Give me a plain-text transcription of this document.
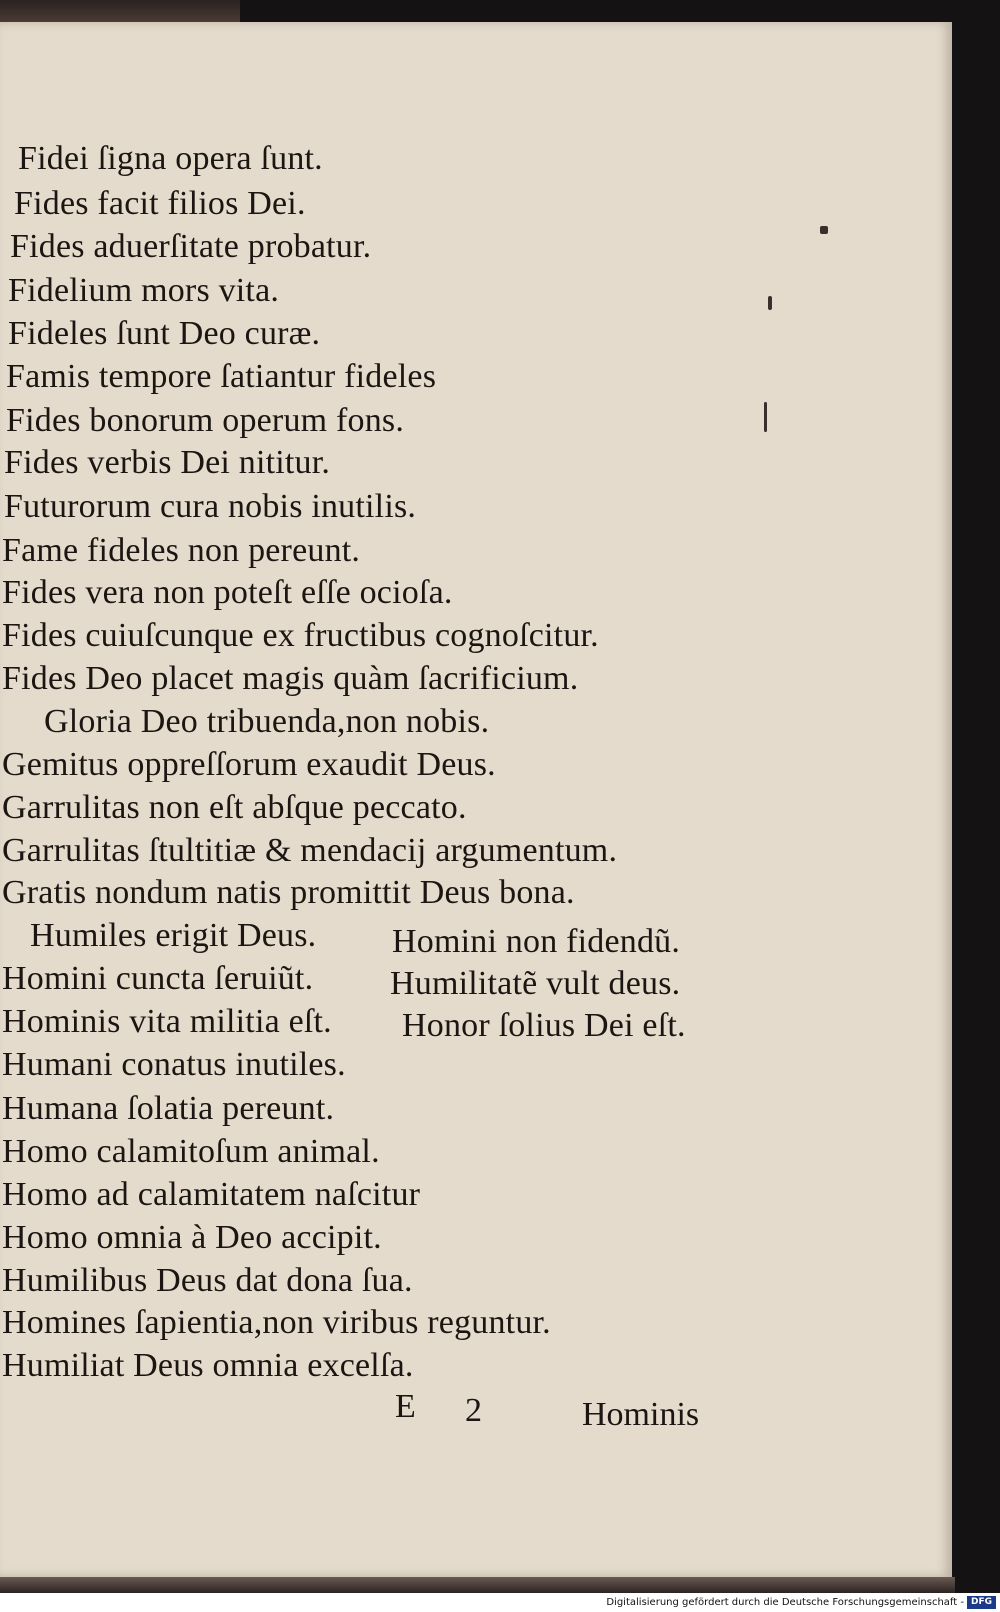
Fidei ſigna opera ſunt.
Fides facit filios Dei.
Fides aduerſitate probatur.
Fidelium mors vita.
Fideles ſunt Deo curæ.
Famis tempore ſatiantur fideles
Fides bonorum operum fons.
Fides verbis Dei nititur.
Futurorum cura nobis inutilis.
Fame fideles non pereunt.
Fides vera non poteſt eſſe ocioſa.
Fides cuiuſcunque ex fructibus cognoſcitur.
Fides Deo placet magis quàm ſacrificium.
Gloria Deo tribuenda,non nobis.
Gemitus oppreſſorum exaudit Deus.
Garrulitas non eſt abſque peccato.
Garrulitas ſtultitiæ & mendacij argumentum.
Gratis nondum natis promittit Deus bona.
Humiles erigit Deus. Homini non fidendũ.
Homini cuncta ſeruiũt. Humilitatẽ vult deus.
Hominis vita militia eſt. Honor ſolius Dei eſt.
Humani conatus inutiles.
Humana ſolatia pereunt.
Homo calamitoſum animal.
Homo ad calamitatem naſcitur
Homo omnia à Deo accipit.
Humilibus Deus dat dona ſua.
Homines ſapientia,non viribus reguntur.
Humiliat Deus omnia excelſa.
E 2	Hominis
Digitalisierung gefördert durch die Deutsche Forschungsgemeinschaft - DFG
